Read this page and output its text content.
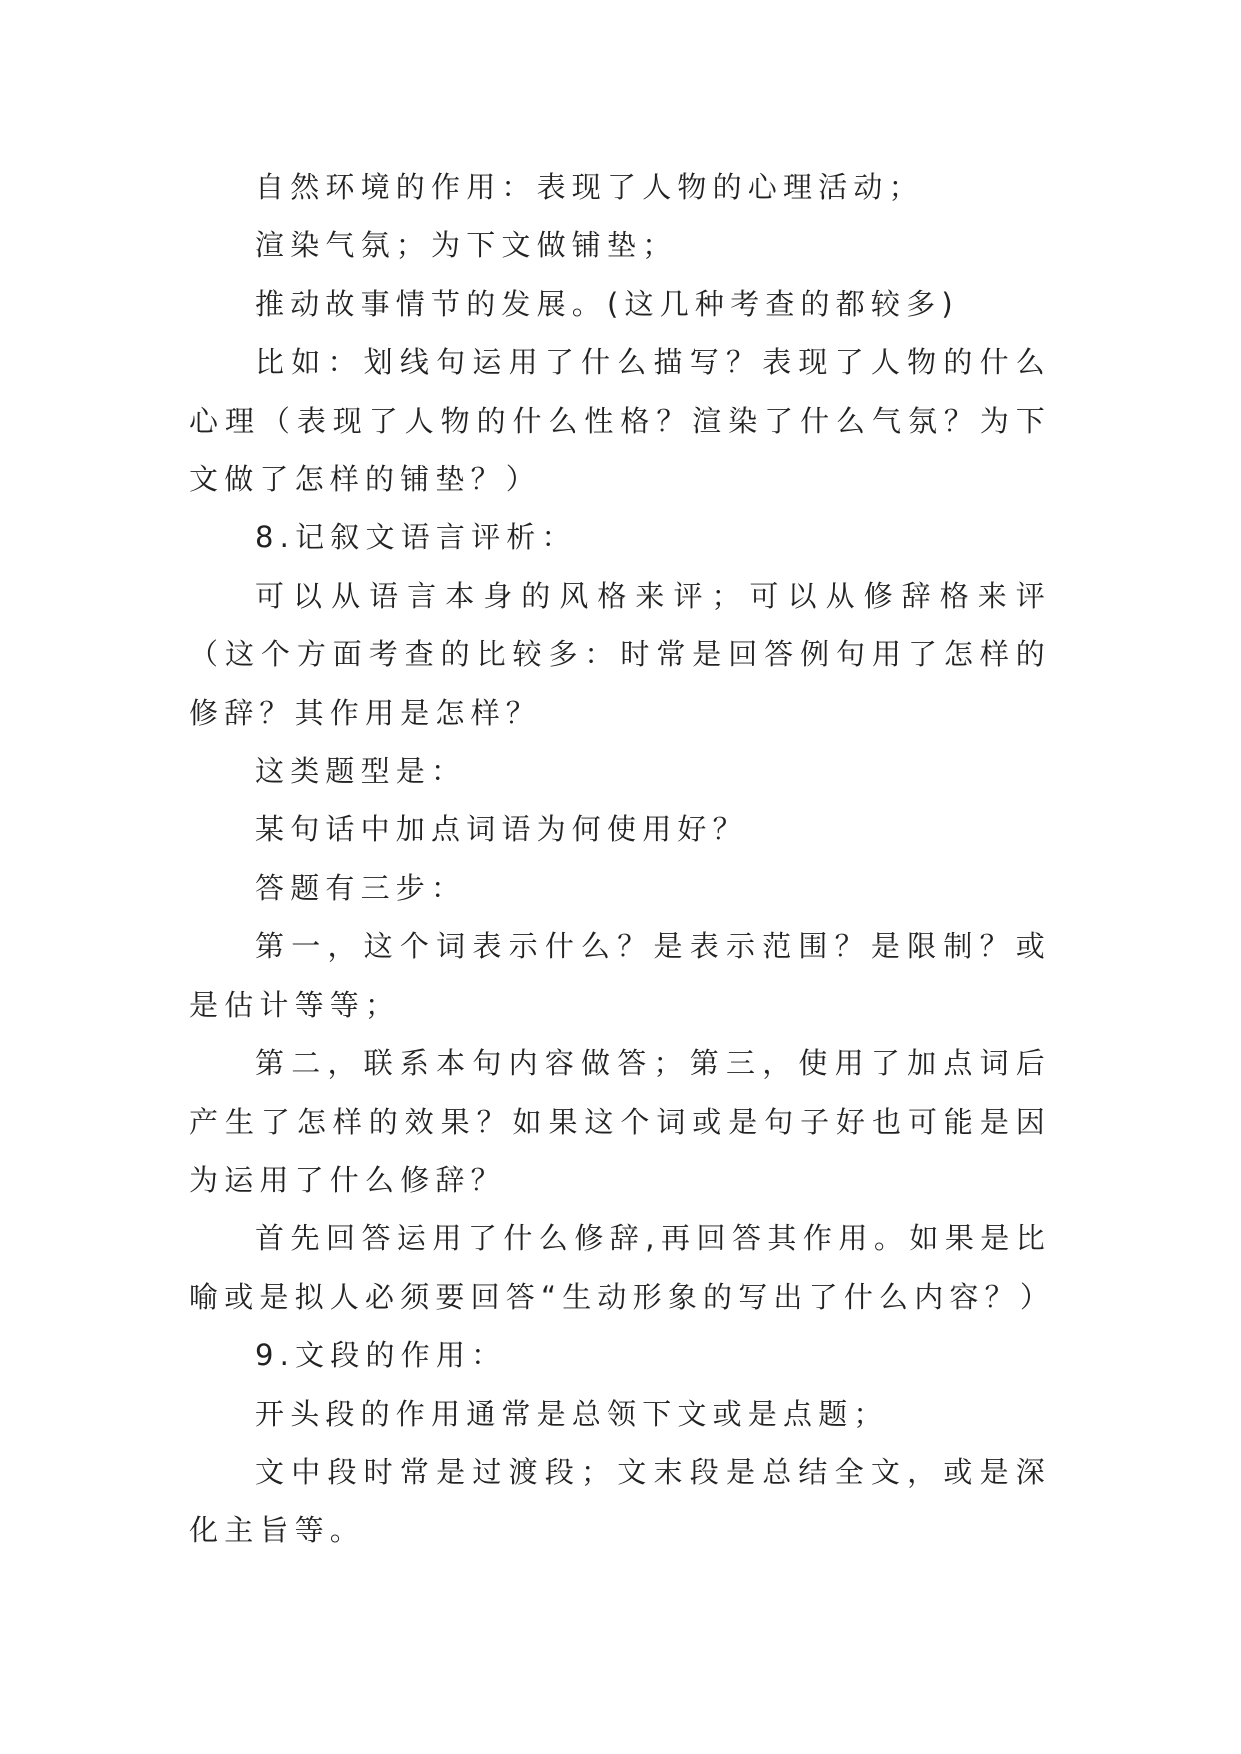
自然环境的作用：表现了人物的心理活动；

渲染气氛；为下文做铺垫；

推动故事情节的发展。(这几种考查的都较多)

比如：划线句运用了什么描写？表现了人物的什么心理（表现了人物的什么性格？渲染了什么气氛？为下文做了怎样的铺垫？）

8.记叙文语言评析：

可以从语言本身的风格来评；可以从修辞格来评（这个方面考查的比较多：时常是回答例句用了怎样的修辞？其作用是怎样？

这类题型是：

某句话中加点词语为何使用好？

答题有三步：

第一，这个词表示什么？是表示范围？是限制？或是估计等等；

第二，联系本句内容做答；第三，使用了加点词后产生了怎样的效果？如果这个词或是句子好也可能是因为运用了什么修辞？

首先回答运用了什么修辞,再回答其作用。如果是比喻或是拟人必须要回答“生动形象的写出了什么内容？）

9.文段的作用：

开头段的作用通常是总领下文或是点题；

文中段时常是过渡段；文末段是总结全文，或是深化主旨等。
